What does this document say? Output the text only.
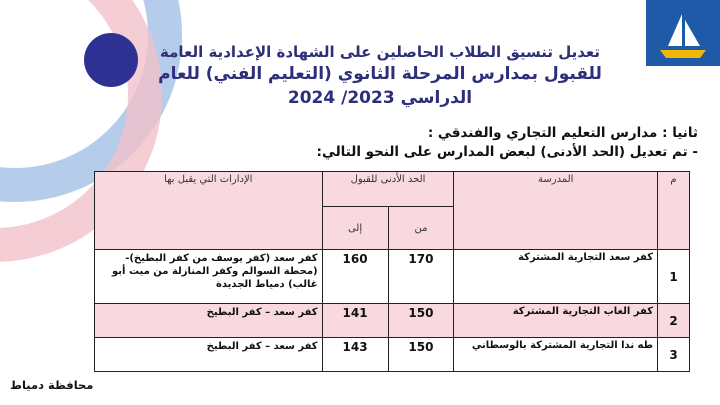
تعديل تنسيق الطلاب الحاصلين على الشهادة الإعدادية العامة
للقبول بمدارس المرحلة الثانوي (التعليم الفني) للعام الدراسي 2023/ 2024
ثانيا : مدارس التعليم التجاري والفندقي :
- تم تعديل (الحد الأدنى) لبعض المدارس على النحو التالي:
م	المدرسة	الحد الأدنى للقبول		الإدارات التي يقبل بها
		من	إلى	
1	كفر سعد التجارية المشتركة	170	160	كفر سعد (كفر يوسف من كفر البطيخ)-(محطة السوالم وكفر المنازلة من ميت أبو غالب) دمياط الجديدة
2	كفر الغاب التجارية المشتركة	150	141	كفر سعد – كفر البطيخ
3	طه ندا التجارية المشتركة بالوسطاني	150	143	كفر سعد – كفر البطيخ
محافظة دمياط
